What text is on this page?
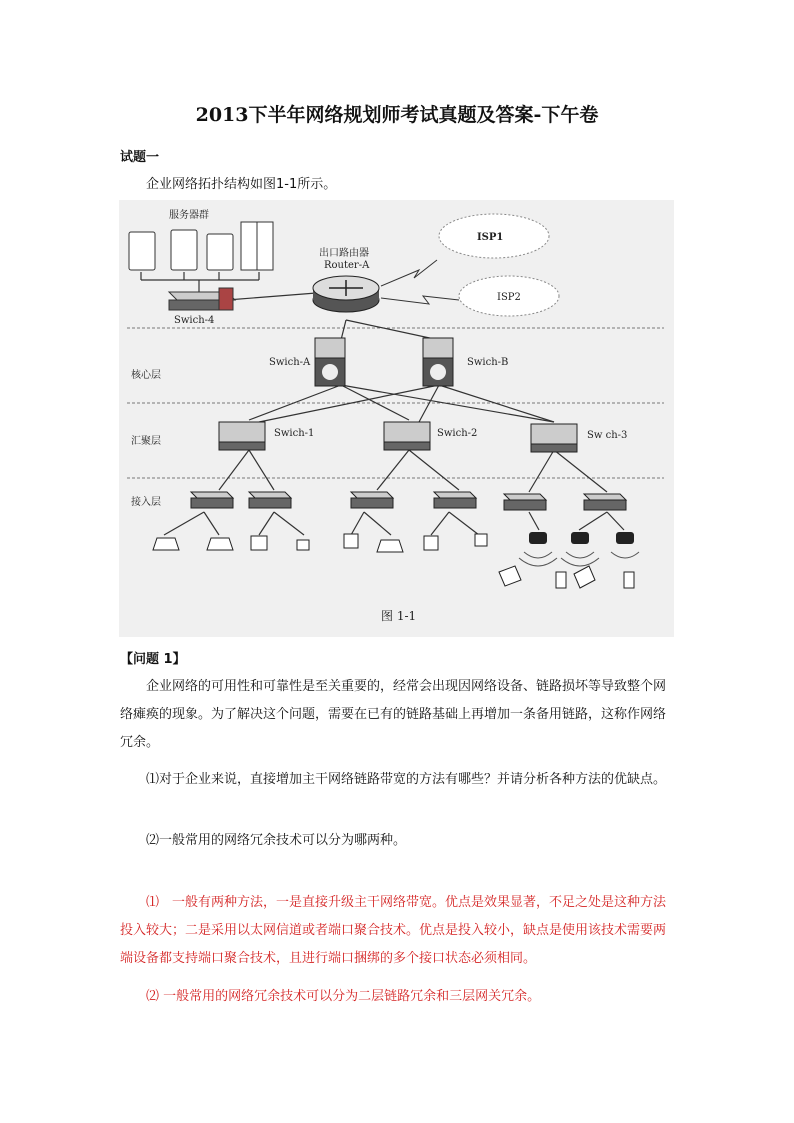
2013下半年网络规划师考试真题及答案-下午卷
试题一
企业网络拓扑结构如图1-1所示。
核心层
汇聚层
接入层
服务器群
Swich-4
出口路由器
Router-A
ISP1
ISP2
Swich-A	Swich-B
Swich-1	Swich-2	Sw ch-3
图 1-1
【问题 1】
企业网络的可用性和可靠性是至关重要的，经常会出现因网络设备、链路损坏等导致整个网络瘫痪的现象。为了解决这个问题，需要在已有的链路基础上再增加一条备用链路，这称作网络冗余。
⑴对于企业来说，直接增加主干网络链路带宽的方法有哪些？并请分析各种方法的优缺点。
⑵一般常用的网络冗余技术可以分为哪两种。
⑴　一般有两种方法，一是直接升级主干网络带宽。优点是效果显著，不足之处是这种方法投入较大；二是采用以太网信道或者端口聚合技术。优点是投入较小，缺点是使用该技术需要两端设备都支持端口聚合技术，且进行端口捆绑的多个接口状态必须相同。
⑵ 一般常用的网络冗余技术可以分为二层链路冗余和三层网关冗余。
